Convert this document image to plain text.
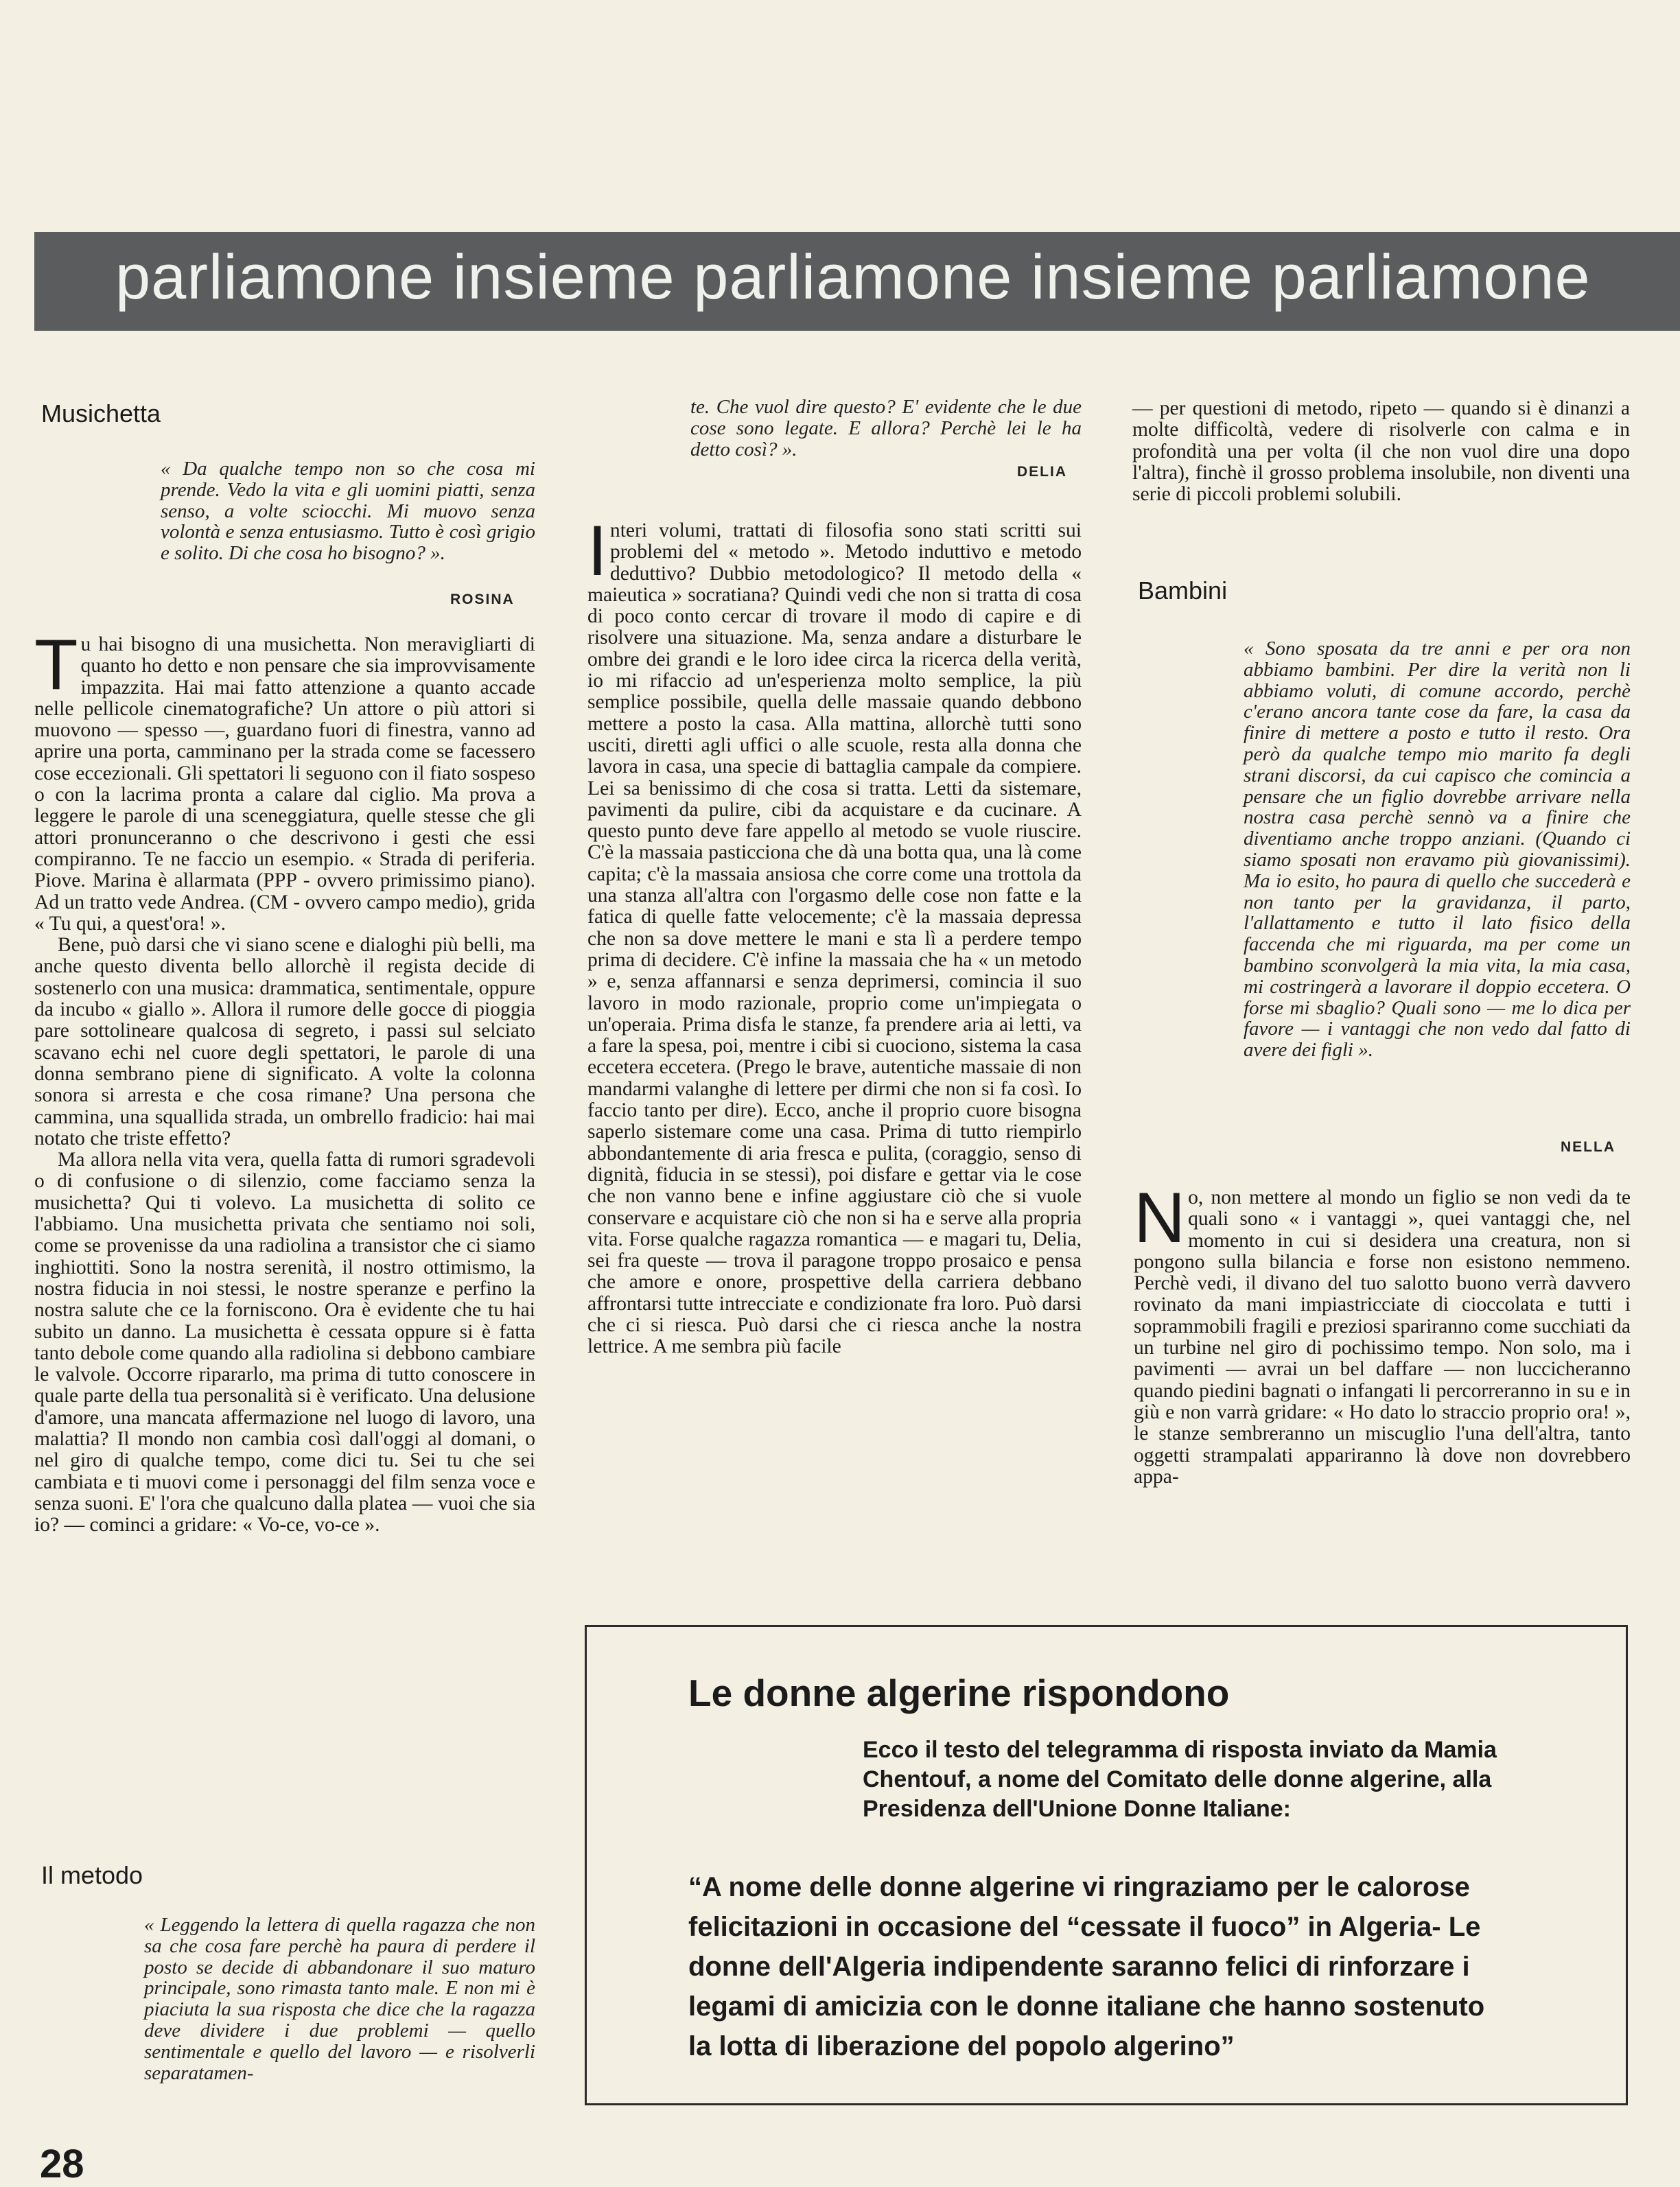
parliamone insieme parliamone insieme parliamone
Musichetta
« Da qualche tempo non so che cosa mi prende. Vedo la vita e gli uomini piatti, senza senso, a volte sciocchi. Mi muovo senza volontà e senza entusiasmo. Tutto è così grigio e solito. Di che cosa ho bisogno? ».
ROSINA

Tu hai bisogno di una musichetta. Non meravigliarti di quanto ho detto e non pensare che sia improvvisamente impazzita. Hai mai fatto attenzione a quanto accade nelle pellicole cinematografiche? Un attore o più attori si muovono — spesso —, guardano fuori di finestra, vanno ad aprire una porta, camminano per la strada come se facessero cose eccezionali. Gli spettatori li seguono con il fiato sospeso o con la lacrima pronta a calare dal ciglio. Ma prova a leggere le parole di una sceneggiatura, quelle stesse che gli attori pronunceranno o che descrivono i gesti che essi compiranno. Te ne faccio un esempio. « Strada di periferia. Piove. Marina è allarmata (PPP - ovvero primissimo piano). Ad un tratto vede Andrea. (CM - ovvero campo medio), grida « Tu qui, a quest'ora! ».

Bene, può darsi che vi siano scene e dialoghi più belli, ma anche questo diventa bello allorchè il regista decide di sostenerlo con una musica: drammatica, sentimentale, oppure da incubo « giallo ». Allora il rumore delle gocce di pioggia pare sottolineare qualcosa di segreto, i passi sul selciato scavano echi nel cuore degli spettatori, le parole di una donna sembrano piene di significato. A volte la colonna sonora si arresta e che cosa rimane? Una persona che cammina, una squallida strada, un ombrello fradicio: hai mai notato che triste effetto?

Ma allora nella vita vera, quella fatta di rumori sgradevoli o di confusione o di silenzio, come facciamo senza la musichetta? Qui ti volevo. La musichetta di solito ce l'abbiamo. Una musichetta privata che sentiamo noi soli, come se provenisse da una radiolina a transistor che ci siamo inghiottiti. Sono la nostra serenità, il nostro ottimismo, la nostra fiducia in noi stessi, le nostre speranze e perfino la nostra salute che ce la forniscono. Ora è evidente che tu hai subito un danno. La musichetta è cessata oppure si è fatta tanto debole come quando alla radiolina si debbono cambiare le valvole. Occorre ripararlo, ma prima di tutto conoscere in quale parte della tua personalità si è verificato. Una delusione d'amore, una mancata affermazione nel luogo di lavoro, una malattia? Il mondo non cambia così dall'oggi al domani, o nel giro di qualche tempo, come dici tu. Sei tu che sei cambiata e ti muovi come i personaggi del film senza voce e senza suoni. E' l'ora che qualcuno dalla platea — vuoi che sia io? — cominci a gridare: « Vo-ce, vo-ce ».

Il metodo
« Leggendo la lettera di quella ragazza che non sa che cosa fare perchè ha paura di perdere il posto se decide di abbandonare il suo maturo principale, sono rimasta tanto male. E non mi è piaciuta la sua risposta che dice che la ragazza deve dividere i due problemi — quello sentimentale e quello del lavoro — e risolverli separatamen-
te. Che vuol dire questo? E' evidente che le due cose sono legate. E allora? Perchè lei le ha detto così? ».
DELIA

Interi volumi, trattati di filosofia sono stati scritti sui problemi del « metodo ». Metodo induttivo e metodo deduttivo? Dubbio metodologico? Il metodo della « maieutica » socratiana? Quindi vedi che non si tratta di cosa di poco conto cercar di trovare il modo di capire e di risolvere una situazione. Ma, senza andare a disturbare le ombre dei grandi e le loro idee circa la ricerca della verità, io mi rifaccio ad un'esperienza molto semplice, la più semplice possibile, quella delle massaie quando debbono mettere a posto la casa. Alla mattina, allorchè tutti sono usciti, diretti agli uffici o alle scuole, resta alla donna che lavora in casa, una specie di battaglia campale da compiere. Lei sa benissimo di che cosa si tratta. Letti da sistemare, pavimenti da pulire, cibi da acquistare e da cucinare. A questo punto deve fare appello al metodo se vuole riuscire. C'è la massaia pasticciona che dà una botta qua, una là come capita; c'è la massaia ansiosa che corre come una trottola da una stanza all'altra con l'orgasmo delle cose non fatte e la fatica di quelle fatte velocemente; c'è la massaia depressa che non sa dove mettere le mani e sta lì a perdere tempo prima di decidere. C'è infine la massaia che ha « un metodo » e, senza affannarsi e senza deprimersi, comincia il suo lavoro in modo razionale, proprio come un'impiegata o un'operaia. Prima disfa le stanze, fa prendere aria ai letti, va a fare la spesa, poi, mentre i cibi si cuociono, sistema la casa eccetera eccetera. (Prego le brave, autentiche massaie di non mandarmi valanghe di lettere per dirmi che non si fa così. Io faccio tanto per dire). Ecco, anche il proprio cuore bisogna saperlo sistemare come una casa. Prima di tutto riempirlo abbondantemente di aria fresca e pulita, (coraggio, senso di dignità, fiducia in se stessi), poi disfare e gettar via le cose che non vanno bene e infine aggiustare ciò che si vuole conservare e acquistare ciò che non si ha e serve alla propria vita. Forse qualche ragazza romantica — e magari tu, Delia, sei fra queste — trova il paragone troppo prosaico e pensa che amore e onore, prospettive della carriera debbano affrontarsi tutte intrecciate e condizionate fra loro. Può darsi che ci si riesca. Può darsi che ci riesca anche la nostra lettrice. A me sembra più facile

— per questioni di metodo, ripeto — quando si è dinanzi a molte difficoltà, vedere di risolverle con calma e in profondità una per volta (il che non vuol dire una dopo l'altra), finchè il grosso problema insolubile, non diventi una serie di piccoli problemi solubili.

Bambini
« Sono sposata da tre anni e per ora non abbiamo bambini. Per dire la verità non li abbiamo voluti, di comune accordo, perchè c'erano ancora tante cose da fare, la casa da finire di mettere a posto e tutto il resto. Ora però da qualche tempo mio marito fa degli strani discorsi, da cui capisco che comincia a pensare che un figlio dovrebbe arrivare nella nostra casa perchè sennò va a finire che diventiamo anche troppo anziani. (Quando ci siamo sposati non eravamo più giovanissimi). Ma io esito, ho paura di quello che succederà e non tanto per la gravidanza, il parto, l'allattamento e tutto il lato fisico della faccenda che mi riguarda, ma per come un bambino sconvolgerà la mia vita, la mia casa, mi costringerà a lavorare il doppio eccetera. O forse mi sbaglio? Quali sono — me lo dica per favore — i vantaggi che non vedo dal fatto di avere dei figli ».
NELLA

No, non mettere al mondo un figlio se non vedi da te quali sono « i vantaggi », quei vantaggi che, nel momento in cui si desidera una creatura, non si pongono sulla bilancia e forse non esistono nemmeno. Perchè vedi, il divano del tuo salotto buono verrà davvero rovinato da mani impiastricciate di cioccolata e tutti i soprammobili fragili e preziosi spariranno come succhiati da un turbine nel giro di pochissimo tempo. Non solo, ma i pavimenti — avrai un bel daffare — non luccicheranno quando piedini bagnati o infangati li percorreranno in su e in giù e non varrà gridare: « Ho dato lo straccio proprio ora! », le stanze sembreranno un miscuglio l'una dell'altra, tanto oggetti strampalati appariranno là dove non dovrebbero appa-

Le donne algerine rispondono
Ecco il testo del telegramma di risposta inviato da Mamia Chentouf, a nome del Comitato delle donne algerine, alla Presidenza dell'Unione Donne Italiane:
“A nome delle donne algerine vi ringraziamo per le calorose felicitazioni in occasione del “cessate il fuoco” in Algeria- Le donne dell'Algeria indipendente saranno felici di rinforzare i legami di amicizia con le donne italiane che hanno sostenuto la lotta di liberazione del popolo algerino”
28
